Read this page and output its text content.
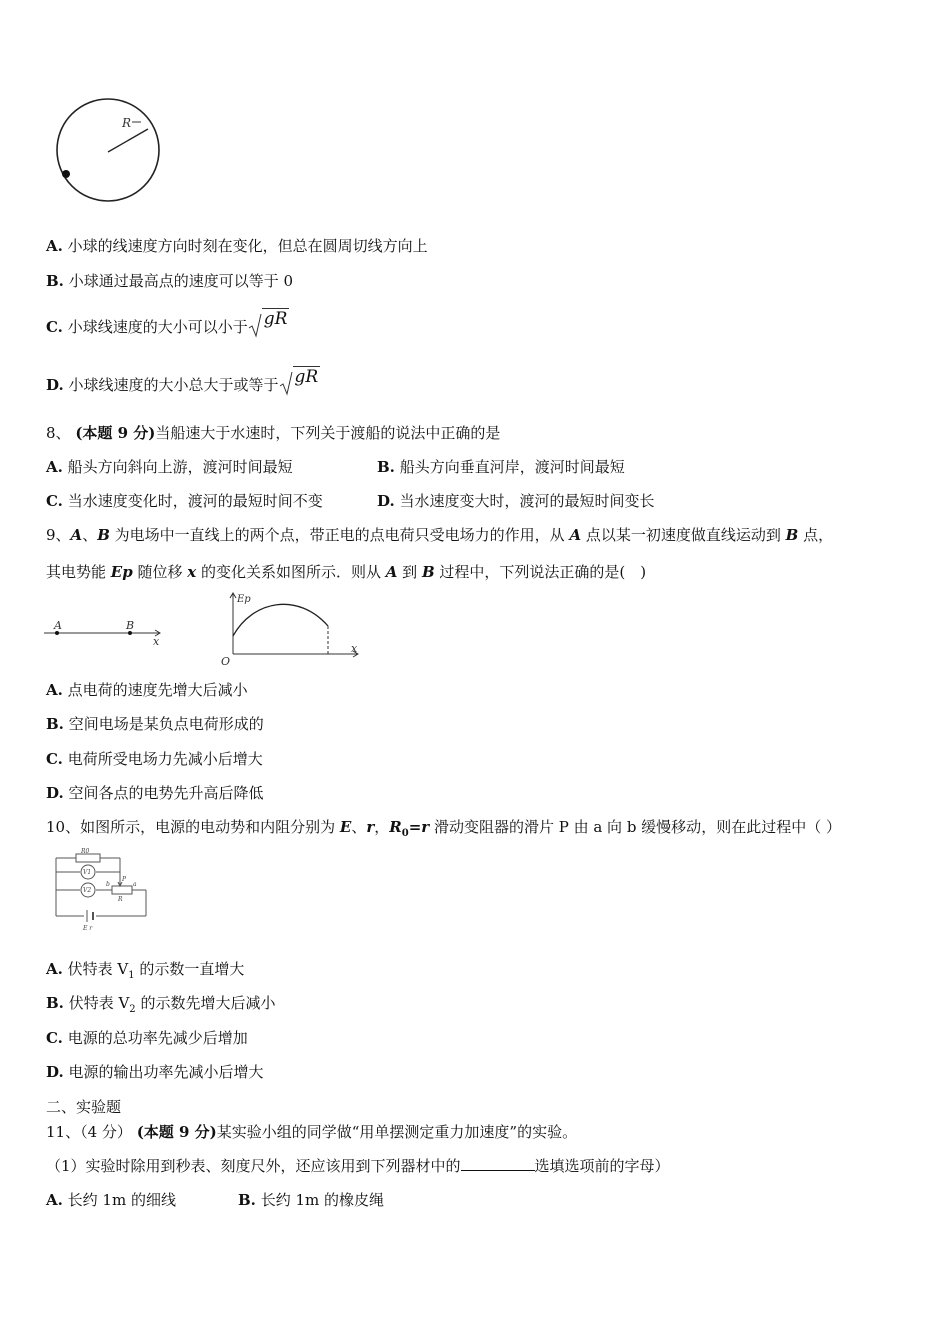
R
A. 小球的线速度方向时刻在变化，但总在圆周切线方向上
B. 小球通过最高点的速度可以等于 0
C. 小球线速度的大小可以小于 gR
D. 小球线速度的大小总大于或等于 gR
8、 (本题 9 分)当船速大于水速时，下列关于渡船的说法中正确的是
A. 船头方向斜向上游，渡河时间最短	B. 船头方向垂直河岸，渡河时间最短
C. 当水速度变化时，渡河的最短时间不变	D. 当水速度变大时，渡河的最短时间变长
9、A、B 为电场中一直线上的两个点，带正电的点电荷只受电场力的作用，从 A 点以某一初速度做直线运动到 B 点，
其电势能 Ep 随位移 x 的变化关系如图所示．则从 A 到 B 过程中，下列说法正确的是(　)
A	B
x
Ep
O
x
A. 点电荷的速度先增大后减小
B. 空间电场是某负点电荷形成的
C. 电荷所受电场力先减小后增大
D. 空间各点的电势先升高后降低
10、如图所示，电源的电动势和内阻分别为 E、r，$R_0=r$ 滑动变阻器的滑片 P 由 a 向 b 缓慢移动，则在此过程中（ ）
R0
V1
V2
P
a
b
R
E r
A. 伏特表 $V_1$ 的示数一直增大
B. 伏特表 $V_2$ 的示数先增大后减小
C. 电源的总功率先减少后增加
D. 电源的输出功率先减小后增大
二、实验题
11、（4 分） (本题 9 分)某实验小组的同学做“用单摆测定重力加速度”的实验。
（1）实验时除用到秒表、刻度尺外，还应该用到下列器材中的	选填选项前的字母）
A. 长约 1m 的细线	B. 长约 1m 的橡皮绳
